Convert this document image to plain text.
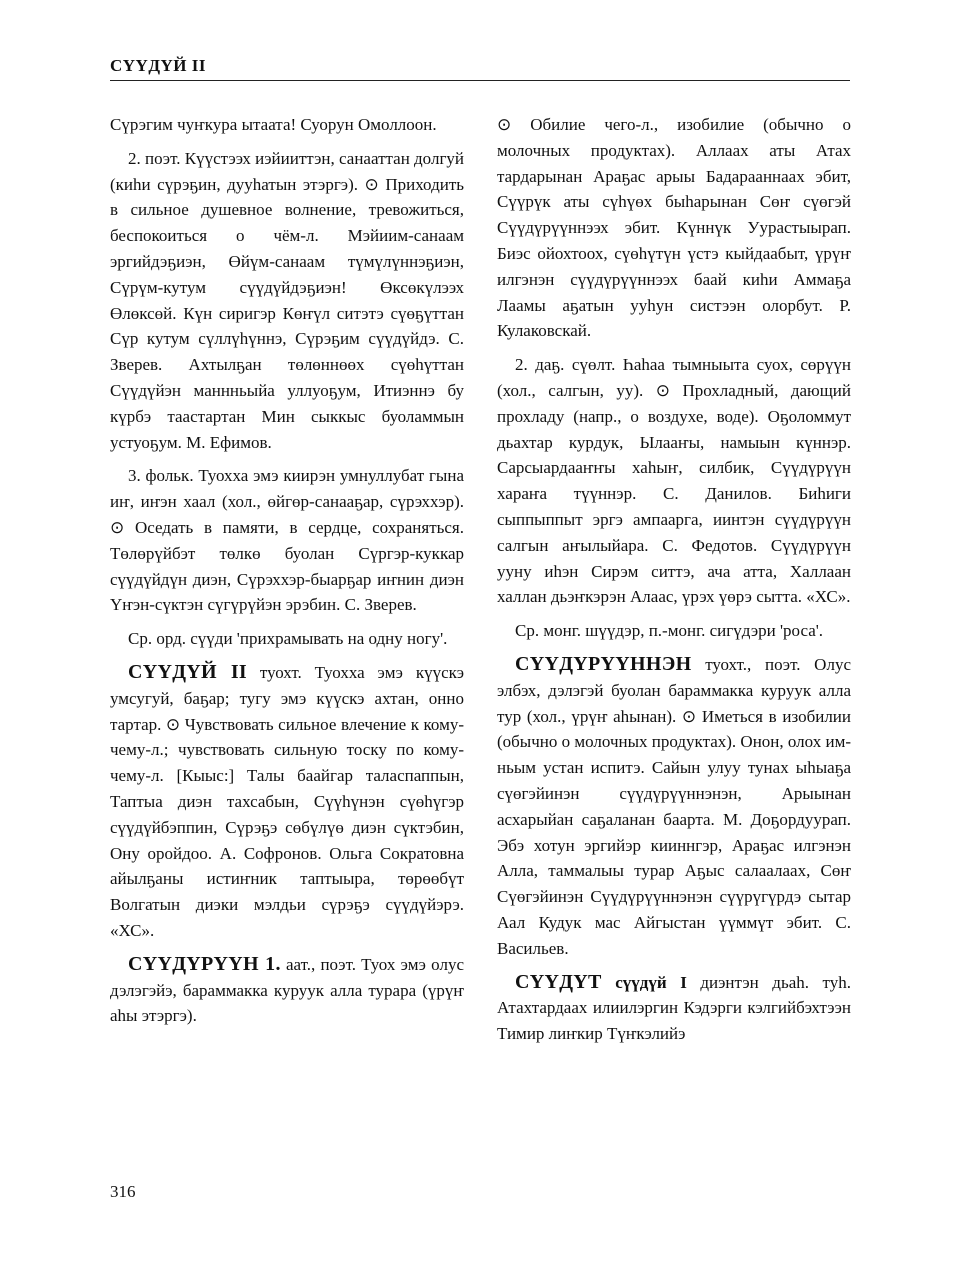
СҮҮДҮЙ II

Сүрэгим чуҥкура ытаата! Суорун Омоллоон.

2. поэт. Күүстээх иэйииттэн, санааттан долгуй (киһи сүрэҕин, дууһатын этэргэ). ⊙ Приходить в сильное душевное волнение, тревожиться, беспокоиться о чём-л. Мэйиим-санаам эргийдэҕиэн, Өйүм-санаам түмүлүннэҕиэн, Сүрүм-кутум сүүдүйдэҕиэн! Өксөкүлээх Өлөксөй. Күн сиригэр Көҥүл ситэтэ сүөҕүттан Сүр кутум сүллүһүннэ, Сүрэҕим сүүдүйдэ. С. Зверев. Ахтылҕан төлөннөөх сүөһүттан Сүүдүйэн маннньыйа уллуоҕум, Итиэннэ бу күрбэ таастартан Мин сыккыс буоламмын устуоҕум. М. Ефимов.

3. фольк. Туохха эмэ киирэн умнуллубат гына иҥ, иҥэн хаал (хол., өйгөр-санааҕар, сүрэххэр). ⊙ Оседать в памяти, в сердце, сохраняться. Төлөрүйбэт төлкө буолан Сүргэр-куккар сүүдүйдүн диэн, Сүрэххэр-быарҕар иҥнин диэн Үҥэн-сүктэн сүгүрүйэн эрэбин. С. Зверев.

Ср. орд. сүүди 'прихрамывать на одну ногу'.

СҮҮДҮЙ II туохт. Туохха эмэ күүскэ умсугуй, баҕар; тугу эмэ күүскэ ахтан, онно тартар. ⊙ Чувствовать сильное влечение к кому-чему-л.; чувствовать сильную тоску по кому-чему-л. [Кыыс:] Талы баайгар таласпаппын, Таптыа диэн тахсабын, Сүүһүнэн сүөһүгэр сүүдүйбэппин, Сүрэҕэ сөбүлүө диэн сүктэбин, Ону оройдоо. А. Софронов. Ольга Сократовна айылҕаны истиҥник таптыыра, төрөөбүт Волгатын диэки мэлдьи сүрэҕэ сүүдүйэрэ. «ХС».

СҮҮДҮРҮҮН 1. аат., поэт. Туох эмэ олус дэлэгэйэ, бараммакка куруук алла турара (үрүҥ аһы этэргэ).

⊙ Обилие чего-л., изобилие (обычно о молочных продуктах). Аллаах аты Атах тардарынан Араҕас арыы Бадарааннаах эбит, Сүүрүк аты сүһүөх быһарынан Сөҥ сүөгэй Сүүдүрүүннээх эбит. Күннүк Уурастыырап. Биэс ойохтоох, сүөһүтүн үстэ кыйдаабыт, үрүҥ илгэнэн сүүдүрүүннээх баай киһи Аммаҕа Лаамы аҕатын ууһун систээн олорбут. Р. Кулаковскай.

2. даҕ. сүөлт. Һаһаа тымныыта суох, сөрүүн (хол., салгын, уу). ⊙ Прохладный, дающий прохладу (напр., о воздухе, воде). Оҕоломмут дьахтар курдук, Ылааҥы, намыын күннэр. Сарсыардааҥҥы хаһыҥ, силбик, Сүүдүрүүн хараҥа түүннэр. С. Данилов. Биһиги сыппыппыт эргэ ампаарга, иинтэн сүүдүрүүн салгын аҥылыйара. С. Федотов. Сүүдүрүүн ууну иһэн Сирэм ситтэ, ача атта, Халлаан халлан дьэҥкэрэн Алаас, үрэх үөрэ сытта. «ХС».

Ср. монг. шүүдэр, п.-монг. сигүдэри 'роса'.

СҮҮДҮРҮҮННЭН туохт., поэт. Олус элбэх, дэлэгэй буолан бараммакка куруук алла тур (хол., үрүҥ аһынан). ⊙ Иметься в изобилии (обычно о молочных продуктах). Онон, олох им-ньым устан испитэ. Сайын улуу тунах ыһыаҕа сүөгэйинэн сүүдүрүүннэнэн, Арыынан асхарыйан саҕаланан баарта. М. Доҕордуурап. Эбэ хотун эргийэр кииннгэр, Араҕас илгэнэн Алла, таммалыы турар Аҕыс салаалаах, Сөҥ Сүөгэйинэн Сүүдүрүүннэнэн сүүрүгүрдэ сытар Аал Кудук мас Айгыстан үүммүт эбит. С. Васильев.

СҮҮДҮТ сүүдүй I диэнтэн дьаһ. туһ. Атахтардаах илиилэргин Кэдэрги кэлгийбэхтээн Тимир лиҥкир Түҥкэлийэ

316
